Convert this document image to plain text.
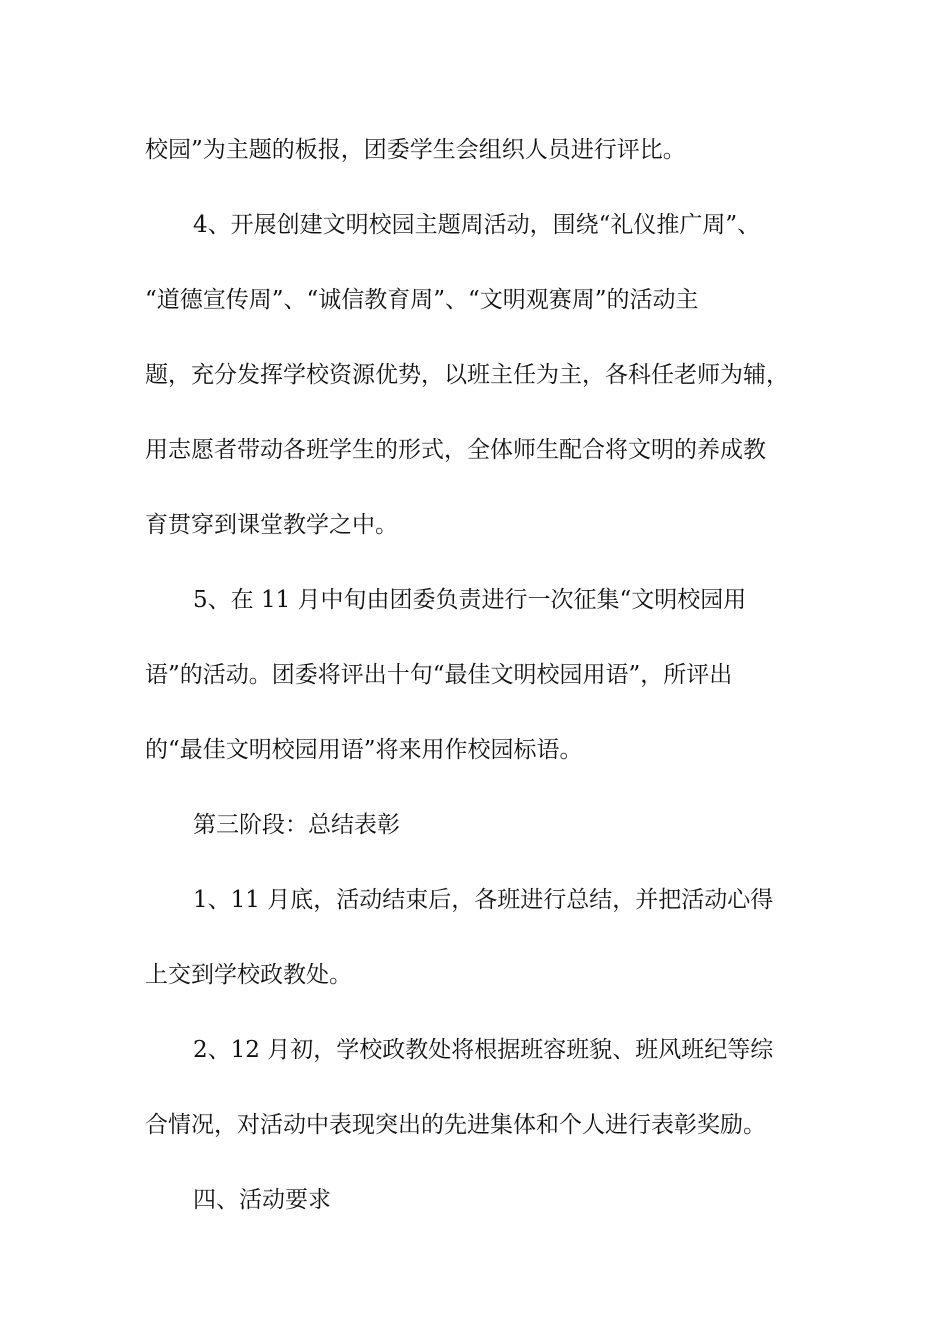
校园”为主题的板报，团委学生会组织人员进行评比。
4、开展创建文明校园主题周活动，围绕“礼仪推广周”、
“道德宣传周”、“诚信教育周”、“文明观赛周”的活动主
题，充分发挥学校资源优势，以班主任为主，各科任老师为辅，
用志愿者带动各班学生的形式，全体师生配合将文明的养成教
育贯穿到课堂教学之中。
5、在 11 月中旬由团委负责进行一次征集“文明校园用
语”的活动。团委将评出十句“最佳文明校园用语”，所评出
的“最佳文明校园用语”将来用作校园标语。
第三阶段：总结表彰
1、11 月底，活动结束后，各班进行总结，并把活动心得
上交到学校政教处。
2、12 月初，学校政教处将根据班容班貌、班风班纪等综
合情况，对活动中表现突出的先进集体和个人进行表彰奖励。
四、活动要求
